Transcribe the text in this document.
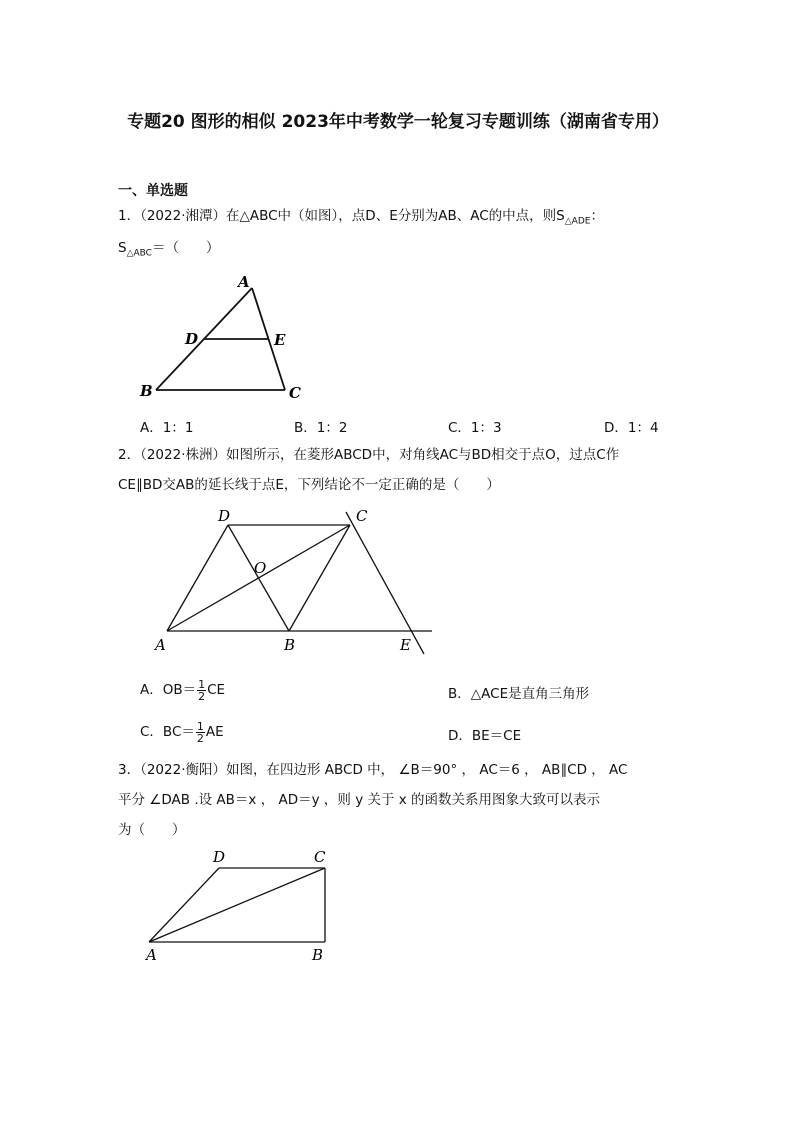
专题20 图形的相似 2023年中考数学一轮复习专题训练（湖南省专用）
一、单选题
1．（2022·湘潭）在△ABC中（如图），点D、E分别为AB、AC的中点，则$S_{\triangle ADE}$：
$S_{\triangle ABC}=$（　　）
A
D	E
B	C
A．1：1	B．1：2	C．1：3	D．1：4
2．（2022·株洲）如图所示，在菱形ABCD中，对角线AC与BD相交于点O，过点C作
CE∥BD交AB的延长线于点E，下列结论不一定正确的是（　　）
D	C
O
A	B	E
A．$OB= \frac{1}{2}$ CE	B．△ACE是直角三角形
C．$BC= \frac{1}{2}$ AE	D．BE＝CE
3．（2022·衡阳）如图，在四边形 ABCD 中， ∠B＝90° ， AC＝6 ， AB∥CD ， AC
平分 ∠DAB .设 AB＝x ， AD＝y ，则 y 关于 x 的函数关系用图象大致可以表示
为（　　）
D	C
A	B
